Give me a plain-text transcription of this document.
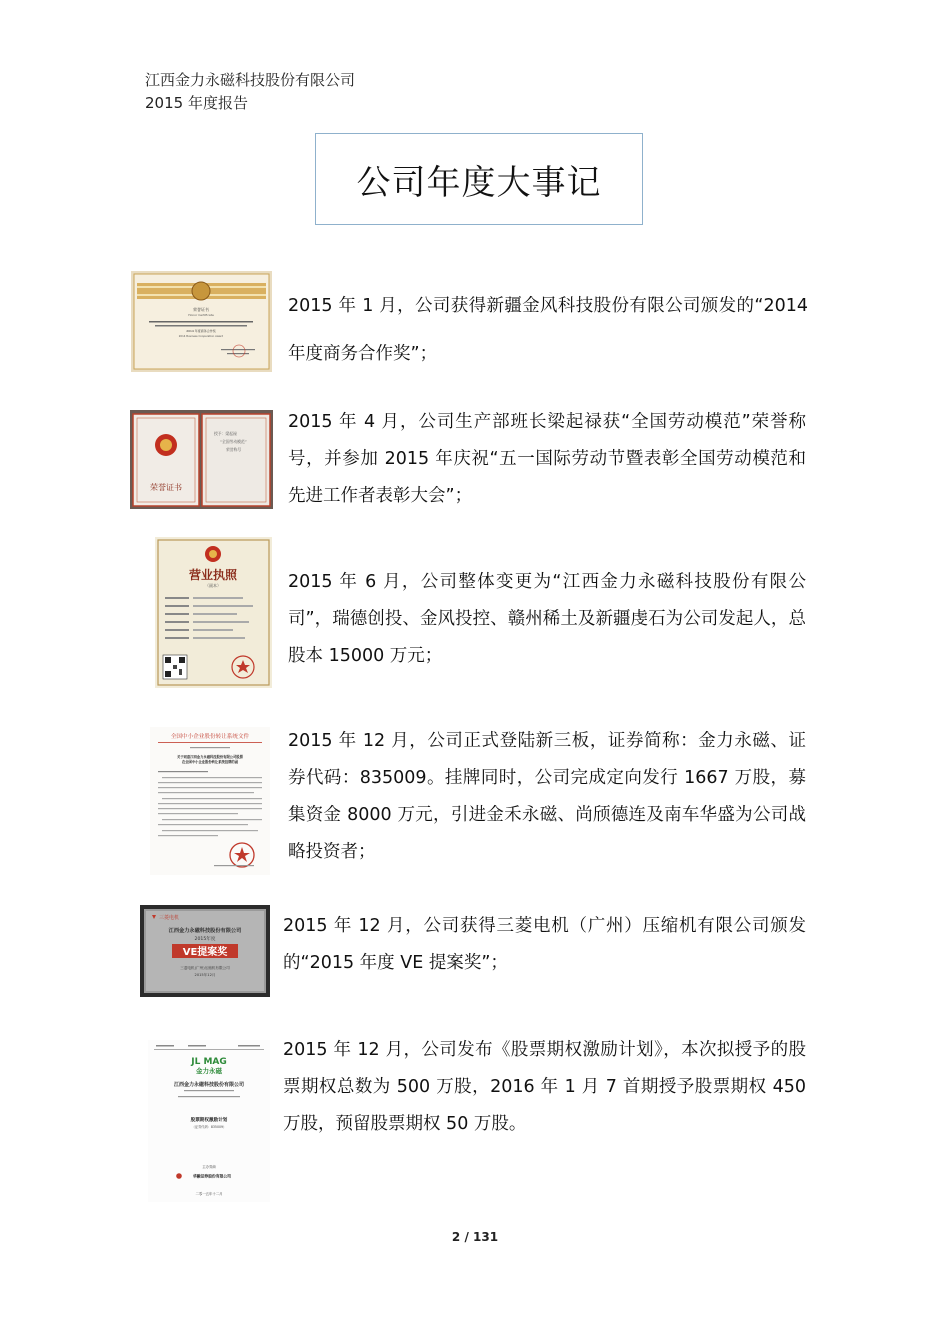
江西金力永磁科技股份有限公司
2015 年度报告
公司年度大事记
荣誉证书
Honor Certificate
2014 年度商务合作奖
2014 Business Cooperation Award
2015 年 1 月，公司获得新疆金风科技股份有限公司颁发的“2014 年度商务合作奖”；
荣誉证书
授予：梁起禄
“全国劳动模范”
荣誉称号
2015 年 4 月，公司生产部班长梁起禄获“全国劳动模范”荣誉称号，并参加 2015 年庆祝“五一国际劳动节暨表彰全国劳动模范和先进工作者表彰大会”；
营业执照
（副本）	2015 年 6 月，公司整体变更为“江西金力永磁科技股份有限公司”，瑞德创投、金风投控、赣州稀土及新疆虔石为公司发起人，总股本 15000 万元；
全国中小企业股份转让系统文件
关于同意江西金力永磁科技股份有限公司股票
在全国中小企业股份转让系统挂牌的函
2015 年 12 月，公司正式登陆新三板，证券简称：金力永磁、证券代码：835009。挂牌同时，公司完成定向发行 1667 万股，募集资金 8000 万元，引进金禾永磁、尚颀德连及南车华盛为公司战略投资者；
三菱电机
江西金力永磁科技股份有限公司
2015年度
VE提案奖
三菱电机(广州)压缩机有限公司
2015年12月
2015 年 12 月，公司获得三菱电机（广州）压缩机有限公司颁发的“2015 年度 VE 提案奖”；
JL MAG
金力永磁
江西金力永磁科技股份有限公司
股票期权激励计划
（证券代码：835009）
主办券商
华融证券股份有限公司
二零一五年十二月
2015 年 12 月，公司发布《股票期权激励计划》，本次拟授予的股票期权总数为 500 万股，2016 年 1 月 7 首期授予股票期权 450 万股，预留股票期权 50 万股。
2 / 131
